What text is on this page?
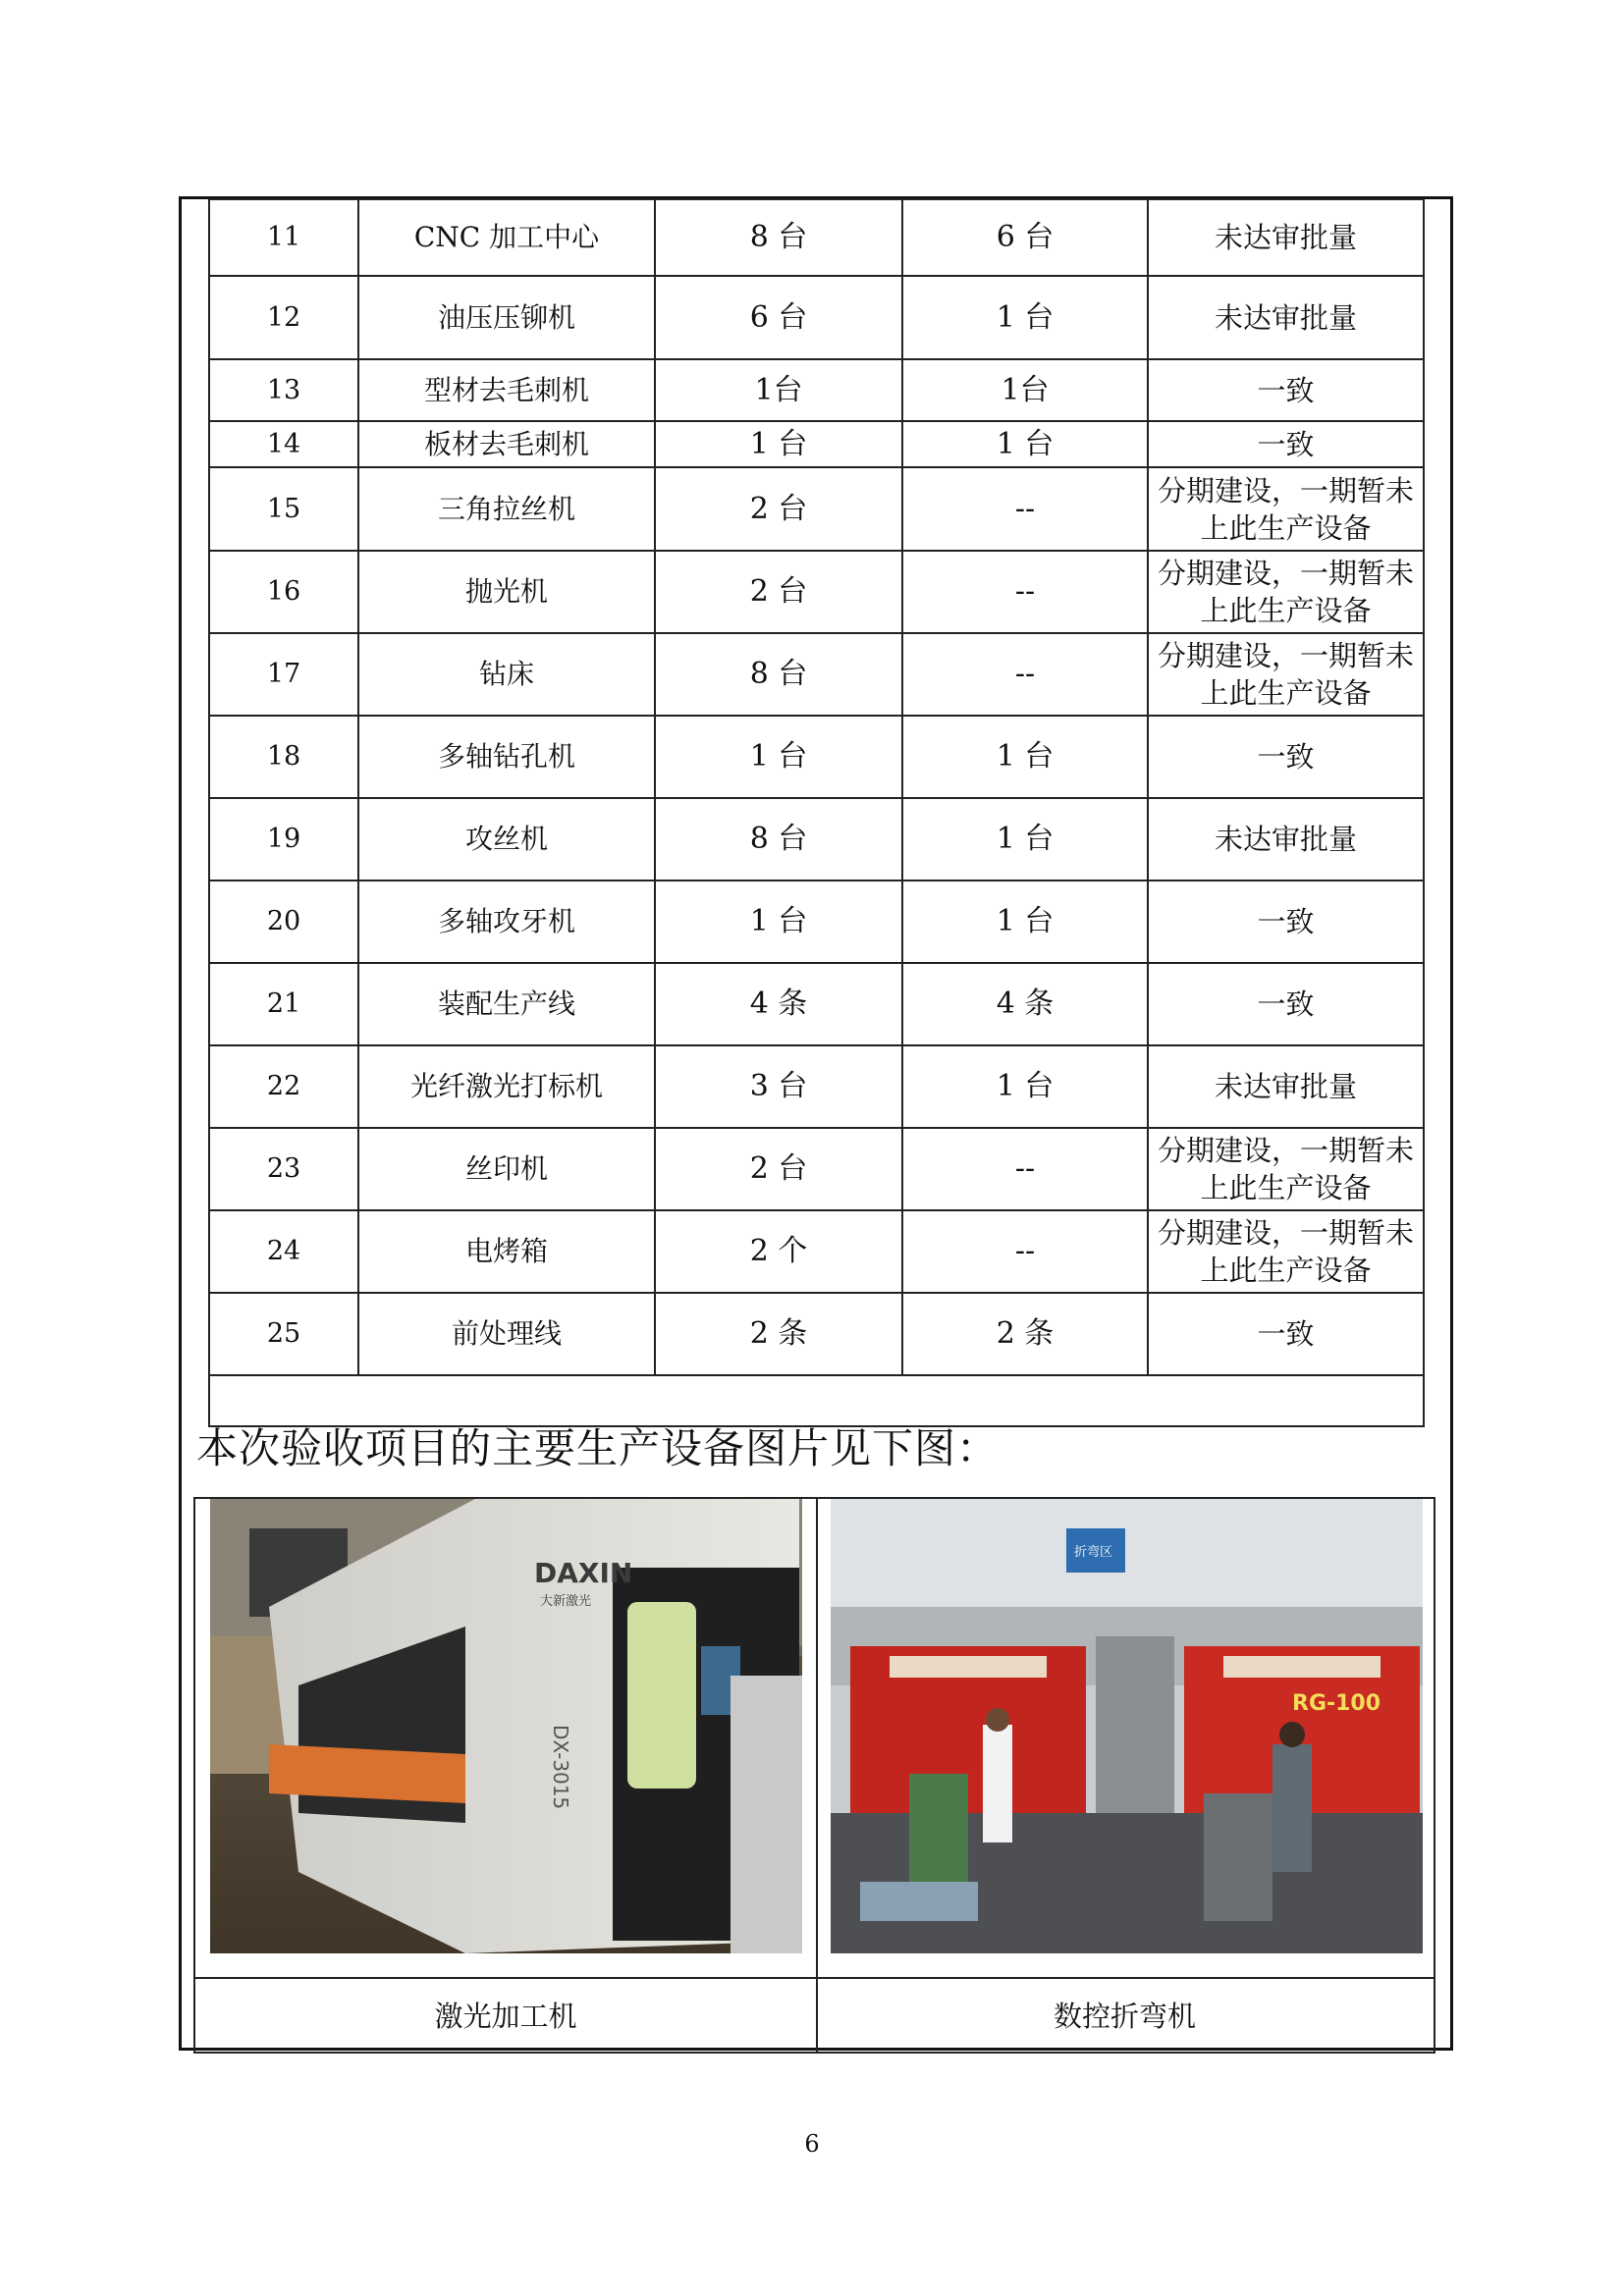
11	CNC 加工中心	8 台	6 台	未达审批量
12	油压压铆机	6 台	1 台	未达审批量
13	型材去毛刺机	1台	1台	一致
14	板材去毛刺机	1 台	1 台	一致
15	三角拉丝机	2 台	--	分期建设，一期暂未上此生产设备
16	抛光机	2 台	--	分期建设，一期暂未上此生产设备
17	钻床	8 台	--	分期建设，一期暂未上此生产设备
18	多轴钻孔机	1 台	1 台	一致
19	攻丝机	8 台	1 台	未达审批量
20	多轴攻牙机	1 台	1 台	一致
21	装配生产线	4 条	4 条	一致
22	光纤激光打标机	3 台	1 台	未达审批量
23	丝印机	2 台	--	分期建设，一期暂未上此生产设备
24	电烤箱	2 个	--	分期建设，一期暂未上此生产设备
25	前处理线	2 条	2 条	一致

本次验收项目的主要生产设备图片见下图：
DAXIN
大新激光
DX-3015
折弯区
RG-100
激光加工机	数控折弯机
6
